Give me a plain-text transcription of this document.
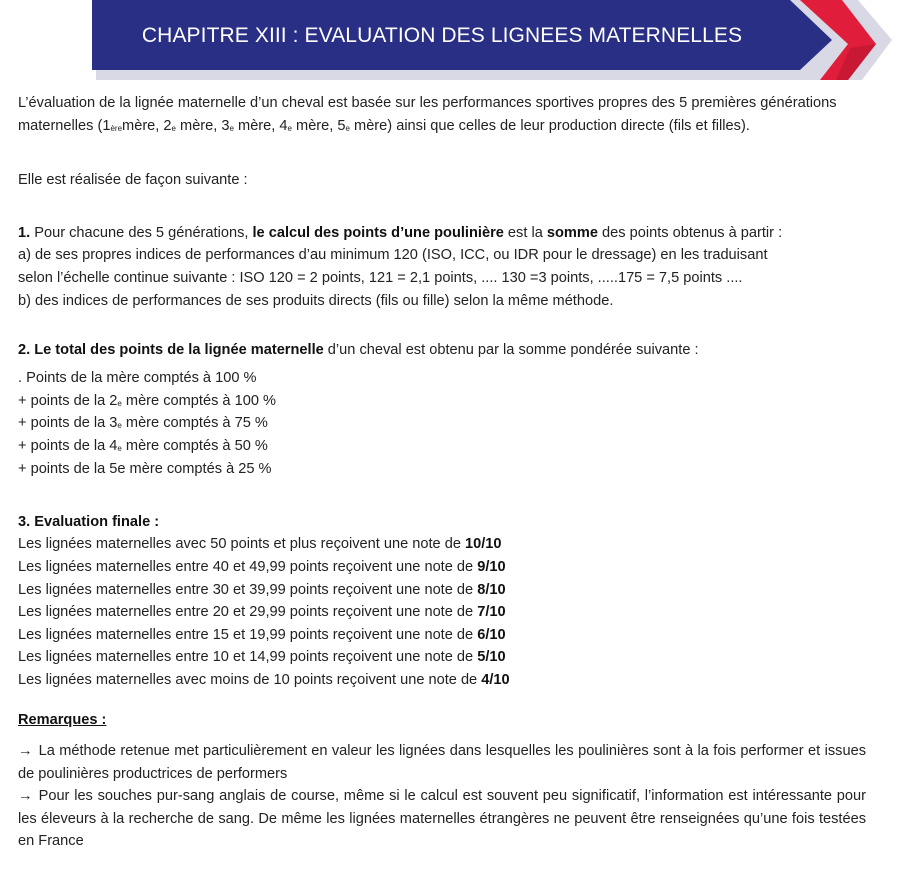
CHAPITRE XIII : EVALUATION DES LIGNEES MATERNELLES

L’évaluation de la lignée maternelle d’un cheval est basée sur les performances sportives propres des 5 premières générations maternelles (1èremère, $2_e$ mère, $3_e$ mère, $4_e$ mère, $5_e$ mère) ainsi que celles de leur production directe (fils et filles).

Elle est réalisée de façon suivante :

1. Pour chacune des 5 générations, le calcul des points d’une poulinière est la somme des points obtenus à partir :

a) de ses propres indices de performances d’au minimum 120 (ISO, ICC, ou IDR pour le dressage) en les traduisant

selon l’échelle continue suivante : ISO 120 = 2 points, 121 = 2,1 points, .... 130 =3 points, .....175 = 7,5 points ....

b) des indices de performances de ses produits directs (fils ou fille) selon la même méthode.

2. Le total des points de la lignée maternelle d’un cheval est obtenu par la somme pondérée suivante :

. Points de la mère comptés à 100 %

+ points de la $2_e$ mère comptés à 100 %

+ points de la $3_e$ mère comptés à 75 %

+ points de la $4_e$ mère comptés à 50 %

+ points de la 5e mère comptés à 25 %

3. Evaluation finale :

Les lignées maternelles avec 50 points et plus reçoivent une note de 10/10

Les lignées maternelles entre 40 et 49,99 points reçoivent une note de 9/10

Les lignées maternelles entre 30 et 39,99 points reçoivent une note de 8/10

Les lignées maternelles entre 20 et 29,99 points reçoivent une note de 7/10

Les lignées maternelles entre 15 et 19,99 points reçoivent une note de 6/10

Les lignées maternelles entre 10 et 14,99 points reçoivent une note de 5/10

Les lignées maternelles avec moins de 10 points reçoivent une note de 4/10

Remarques :

→ La méthode retenue met particulièrement en valeur les lignées dans lesquelles les poulinières sont à la fois performer et issues de poulinières productrices de performers

→ Pour les souches pur-sang anglais de course, même si le calcul est souvent peu significatif, l’information est intéressante pour les éleveurs à la recherche de sang. De même les lignées maternelles étrangères ne peuvent être renseignées qu’une fois testées en France
